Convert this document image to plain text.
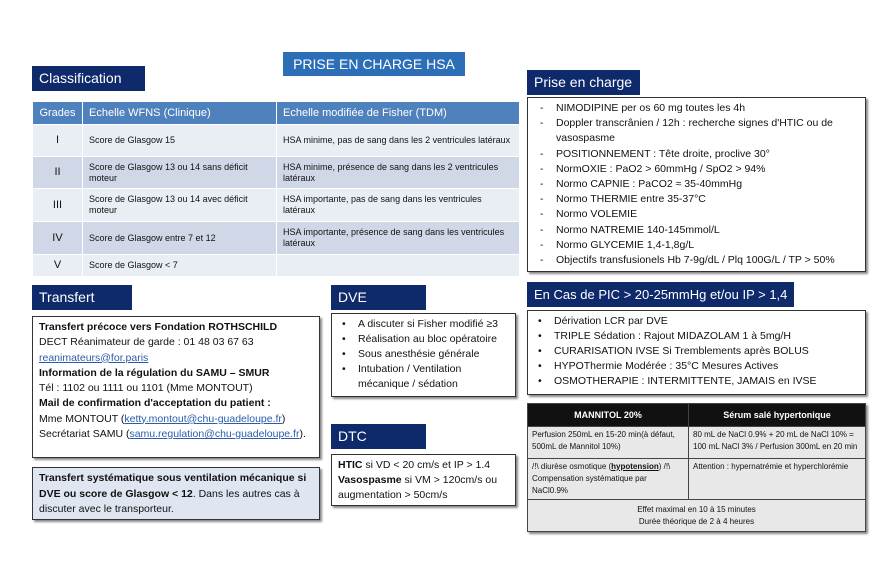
PRISE EN CHARGE HSA
Classification
Grades	Echelle WFNS (Clinique)	Echelle modifiée de Fisher (TDM)
I	Score de Glasgow 15	HSA minime, pas de sang dans les 2 ventricules latéraux
II	Score de Glasgow 13 ou 14 sans déficit moteur	HSA minime, présence de sang dans les 2 ventricules latéraux
III	Score de Glasgow 13 ou 14 avec déficit moteur	HSA importante, pas de sang dans les ventricules latéraux
IV	Score de Glasgow entre 7 et 12	HSA importante, présence de sang dans les ventricules latéraux
V	Score de Glasgow < 7	
Prise en charge
- NIMODIPINE per os 60 mg toutes les 4h
- Doppler transcrânien / 12h : recherche signes d'HTIC ou de vasospasme
- POSITIONNEMENT : Tête droite, proclive 30°
- NormOXIE : PaO2 > 60mmHg / SpO2 > 94%
- Normo CAPNIE : PaCO2 ≈ 35-40mmHg
- Normo THERMIE entre 35-37°C
- Normo VOLEMIE
- Normo NATREMIE 140-145mmol/L
- Normo GLYCEMIE 1,4-1,8g/L
- Objectifs transfusionels Hb 7-9g/dL / Plq 100G/L / TP > 50%
Transfert
Transfert précoce vers Fondation ROTHSCHILD
DECT Réanimateur de garde : 01 48 03 67 63
reanimateurs@for.paris
Information de la régulation du SAMU – SMUR
Tél : 1102 ou 1111 ou 1101 (Mme MONTOUT)
Mail de confirmation d'acceptation du patient :
Mme MONTOUT (ketty.montout@chu-guadeloupe.fr)
Secrétariat SAMU (samu.regulation@chu-guadeloupe.fr).
Transfert systématique sous ventilation mécanique si DVE ou score de Glasgow < 12. Dans les autres cas à discuter avec le transporteur.
DVE
• A discuter si Fisher modifié ≥3
• Réalisation au bloc opératoire
• Sous anesthésie générale
• Intubation / Ventilation mécanique / sédation
DTC
HTIC si VD < 20 cm/s et IP > 1.4
Vasospasme si VM > 120cm/s ou augmentation > 50cm/s
En Cas de PIC > 20-25mmHg et/ou IP > 1,4
• Dérivation LCR par DVE
• TRIPLE Sédation : Rajout MIDAZOLAM 1 à 5mg/H
• CURARISATION IVSE Si Tremblements après BOLUS
• HYPOThermie Modérée : 35°C Mesures Actives
• OSMOTHERAPIE : INTERMITTENTE, JAMAIS en IVSE
MANNITOL 20%	Sérum salé hypertonique
Perfusion 250mL en 15-20 min(à défaut, 500mL de Mannitol 10%)	80 mL de NaCl 0.9% + 20 mL de NaCl 10% = 100 mL NaCl 3% / Perfusion 300mL en 20 min
/!\ diurèse osmotique (hypotension) /!\ Compensation systématique par NaCl0.9%	Attention : hypernatrémie et hyperchlorémie

Effet maximal en 10 à 15 minutes
Durée théorique de 2 à 4 heures	
